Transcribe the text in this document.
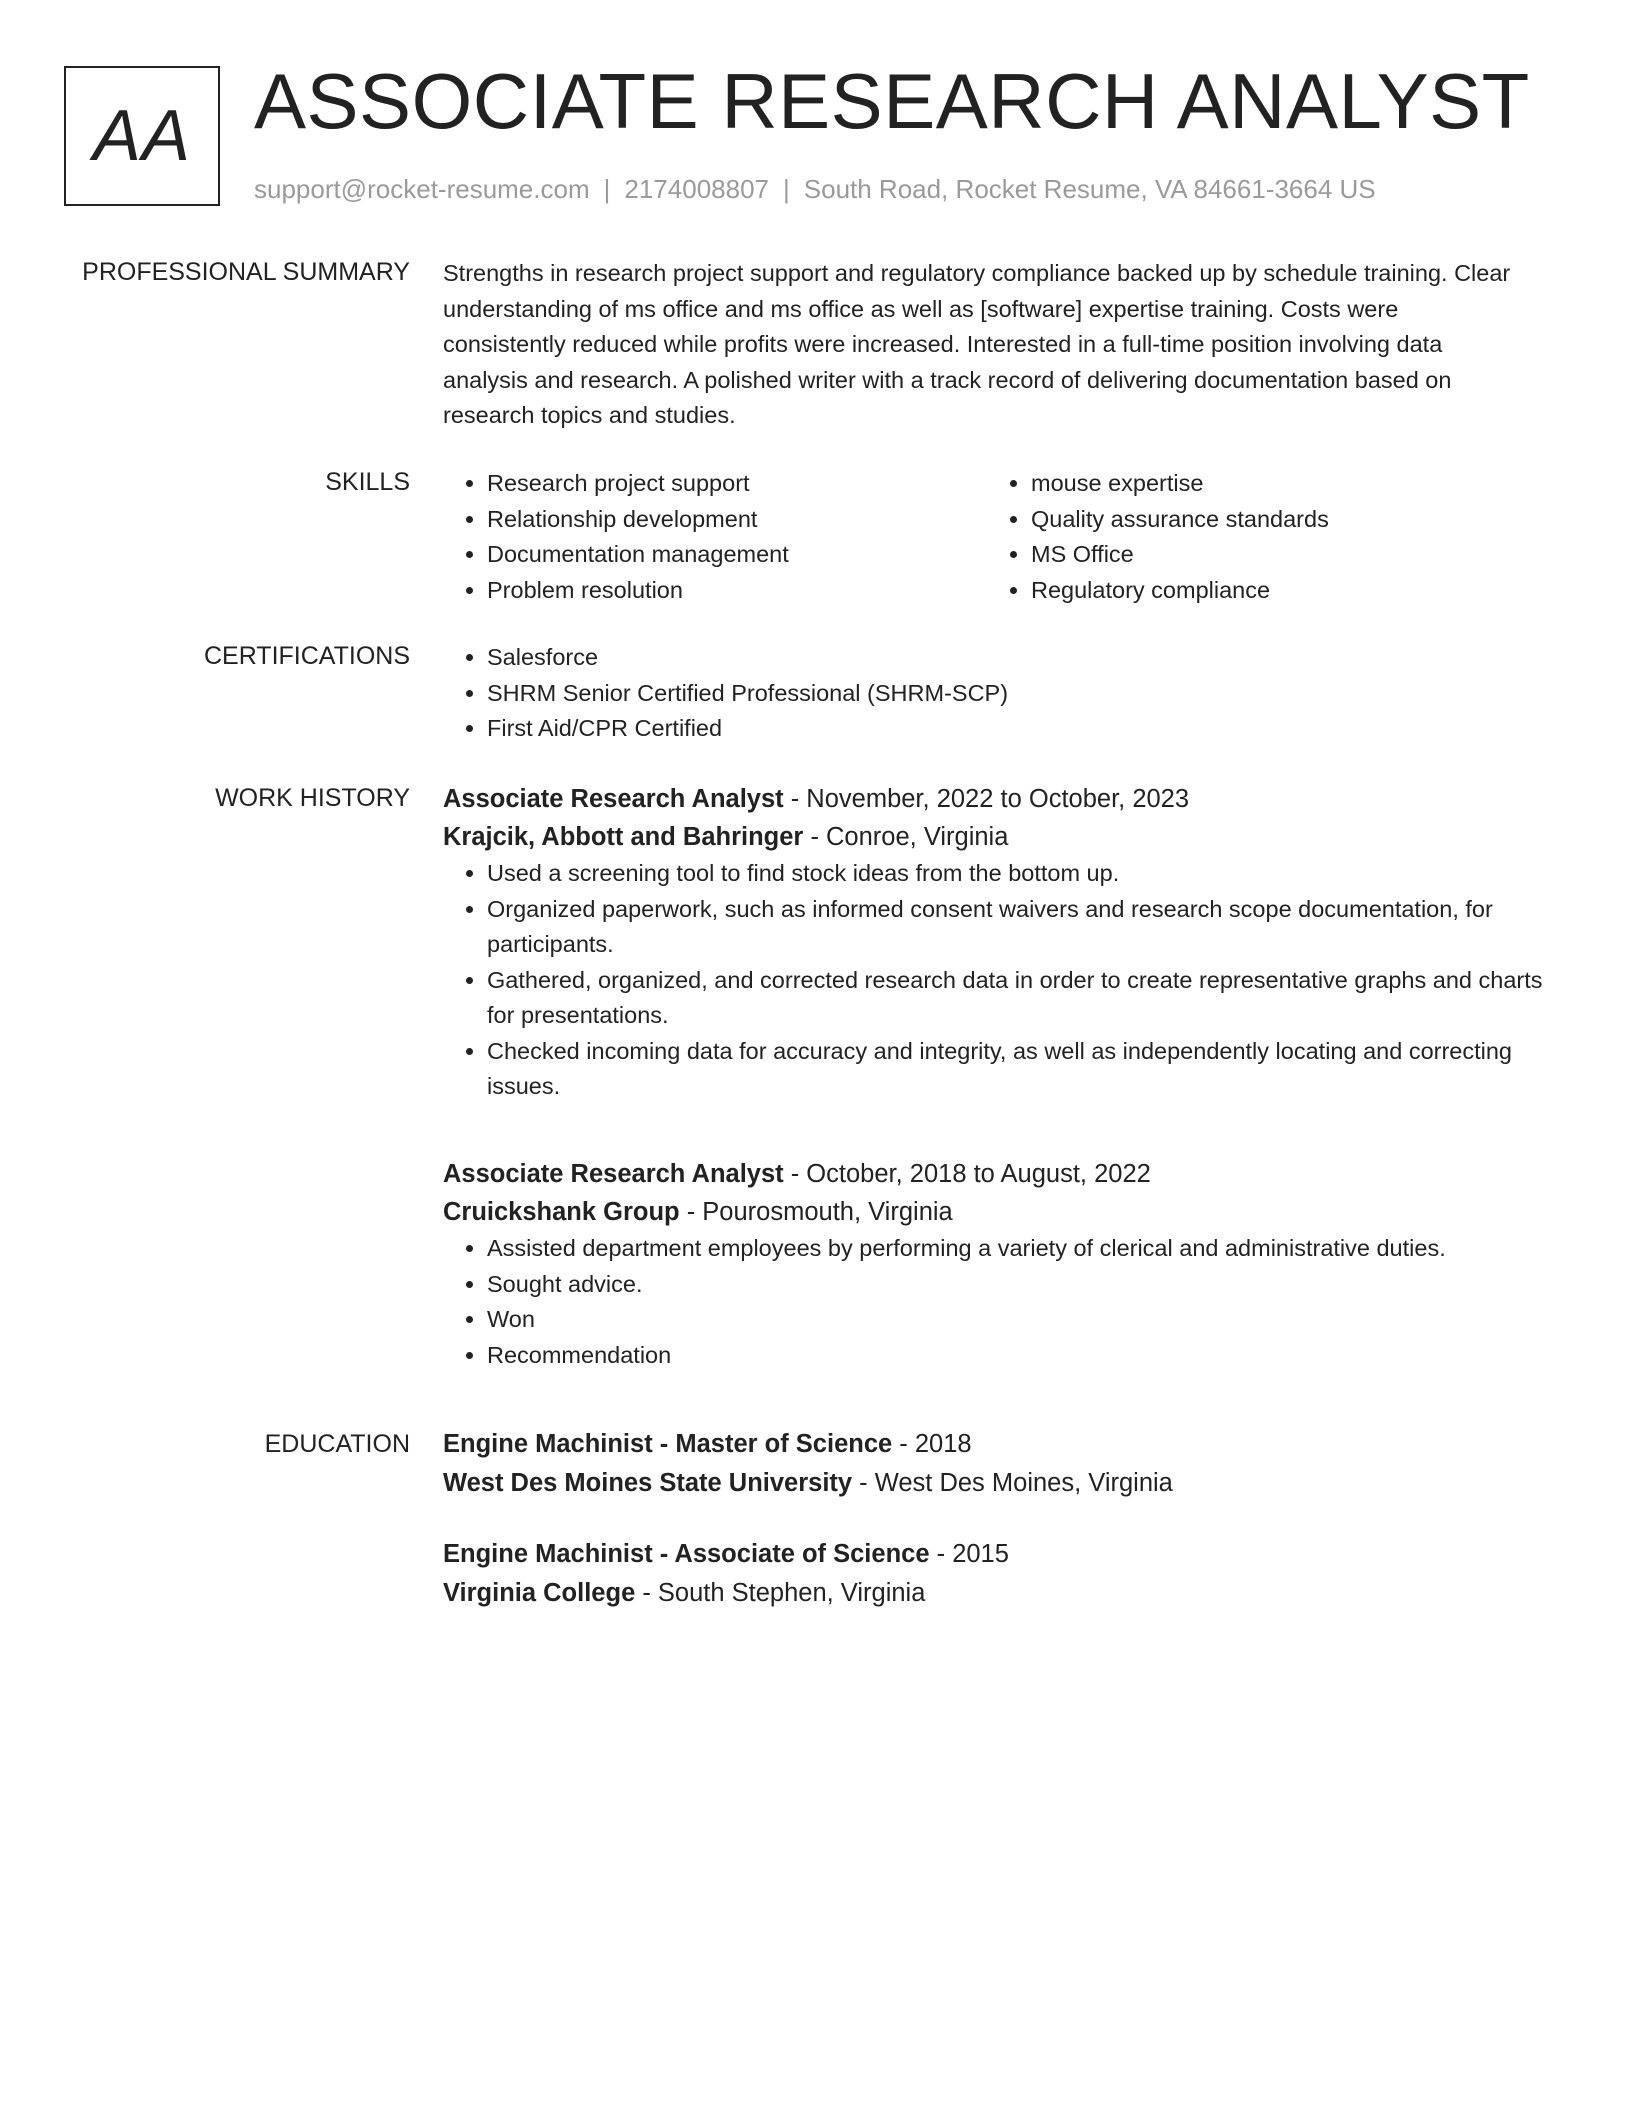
AA ASSOCIATE RESEARCH ANALYST
support@rocket-resume.com | 2174008807 | South Road, Rocket Resume, VA 84661-3664 US
PROFESSIONAL SUMMARY Strengths in research project support and regulatory compliance backed up by schedule training. Clear understanding of ms office and ms office as well as [software] expertise training. Costs were consistently reduced while profits were increased. Interested in a full-time position involving data analysis and research. A polished writer with a track record of delivering documentation based on research topics and studies.

SKILLS	• Research project support
• Relationship development
• Documentation management
• Problem resolution
• mouse expertise
• Quality assurance standards
• MS Office
• Regulatory compliance
CERTIFICATIONS	• Salesforce
• SHRM Senior Certified Professional (SHRM-SCP)
• First Aid/CPR Certified
WORK HISTORY Associate Research Analyst - November, 2022 to October, 2023
Krajcik, Abbott and Bahringer - Conroe, Virginia
• Used a screening tool to find stock ideas from the bottom up.
• Organized paperwork, such as informed consent waivers and research scope documentation, for participants.
• Gathered, organized, and corrected research data in order to create representative graphs and charts for presentations.
• Checked incoming data for accuracy and integrity, as well as independently locating and correcting issues.
Associate Research Analyst - October, 2018 to August, 2022
Cruickshank Group - Pourosmouth, Virginia
• Assisted department employees by performing a variety of clerical and administrative duties.
• Sought advice.
• Won
• Recommendation
EDUCATION Engine Machinist - Master of Science - 2018
West Des Moines State University - West Des Moines, Virginia
Engine Machinist - Associate of Science - 2015
Virginia College - South Stephen, Virginia
